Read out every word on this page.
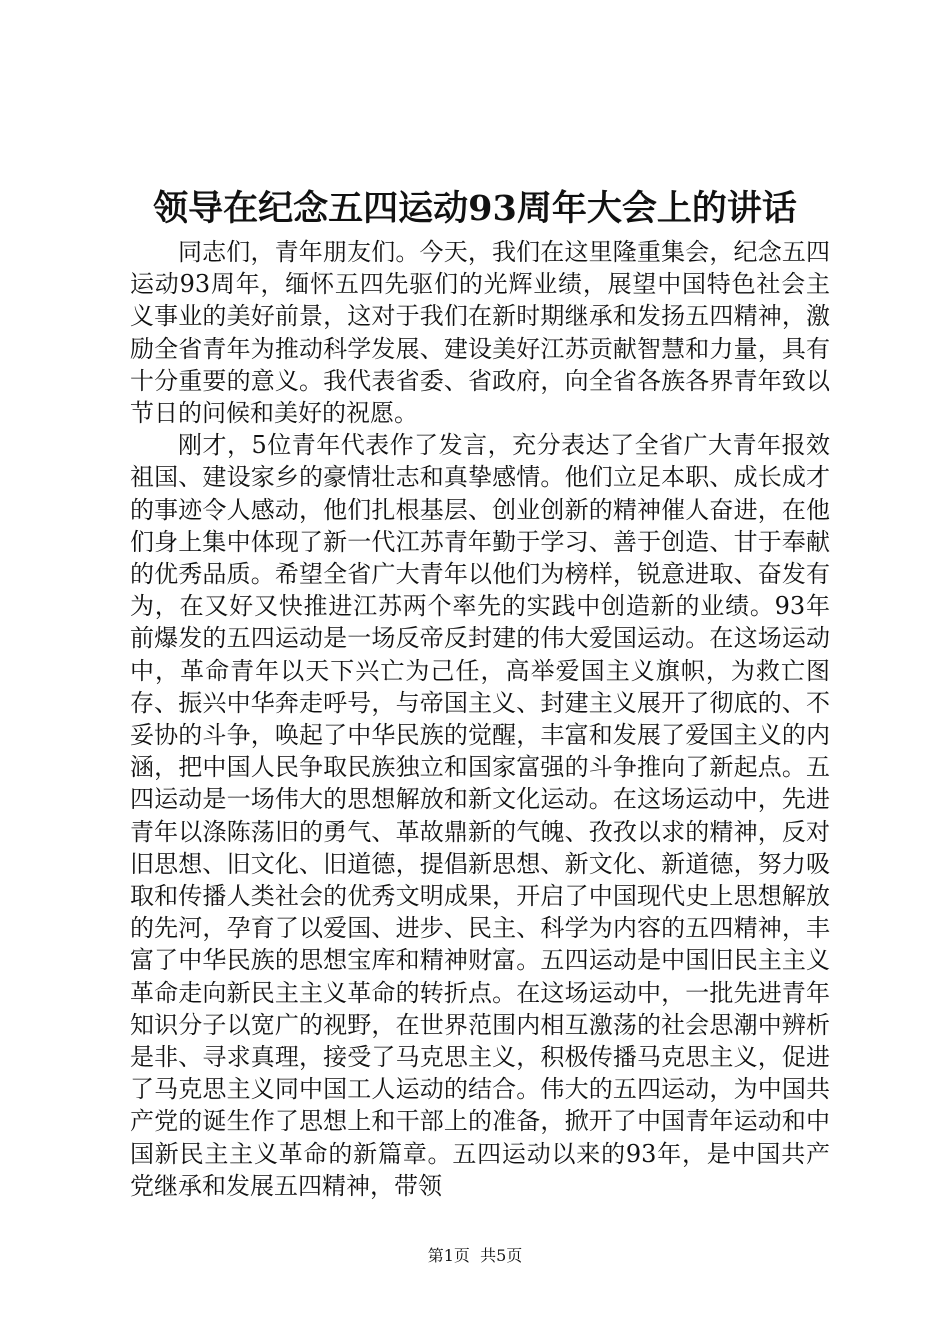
领导在纪念五四运动93周年大会上的讲话

同志们，青年朋友们。今天，我们在这里隆重集会，纪念五四运动93周年，缅怀五四先驱们的光辉业绩，展望中国特色社会主义事业的美好前景，这对于我们在新时期继承和发扬五四精神，激励全省青年为推动科学发展、建设美好江苏贡献智慧和力量，具有十分重要的意义。我代表省委、省政府，向全省各族各界青年致以节日的问候和美好的祝愿。

刚才，5位青年代表作了发言，充分表达了全省广大青年报效祖国、建设家乡的豪情壮志和真挚感情。他们立足本职、成长成才的事迹令人感动，他们扎根基层、创业创新的精神催人奋进，在他们身上集中体现了新一代江苏青年勤于学习、善于创造、甘于奉献的优秀品质。希望全省广大青年以他们为榜样，锐意进取、奋发有为，在又好又快推进江苏两个率先的实践中创造新的业绩。93年前爆发的五四运动是一场反帝反封建的伟大爱国运动。在这场运动中，革命青年以天下兴亡为己任，高举爱国主义旗帜，为救亡图存、振兴中华奔走呼号，与帝国主义、封建主义展开了彻底的、不妥协的斗争，唤起了中华民族的觉醒，丰富和发展了爱国主义的内涵，把中国人民争取民族独立和国家富强的斗争推向了新起点。五四运动是一场伟大的思想解放和新文化运动。在这场运动中，先进青年以涤陈荡旧的勇气、革故鼎新的气魄、孜孜以求的精神，反对旧思想、旧文化、旧道德，提倡新思想、新文化、新道德，努力吸取和传播人类社会的优秀文明成果，开启了中国现代史上思想解放的先河，孕育了以爱国、进步、民主、科学为内容的五四精神，丰富了中华民族的思想宝库和精神财富。五四运动是中国旧民主主义革命走向新民主主义革命的转折点。在这场运动中，一批先进青年知识分子以宽广的视野，在世界范围内相互激荡的社会思潮中辨析是非、寻求真理，接受了马克思主义，积极传播马克思主义，促进了马克思主义同中国工人运动的结合。伟大的五四运动，为中国共产党的诞生作了思想上和干部上的准备，掀开了中国青年运动和中国新民主主义革命的新篇章。五四运动以来的93年，是中国共产党继承和发展五四精神，带领

第1页 共5页
